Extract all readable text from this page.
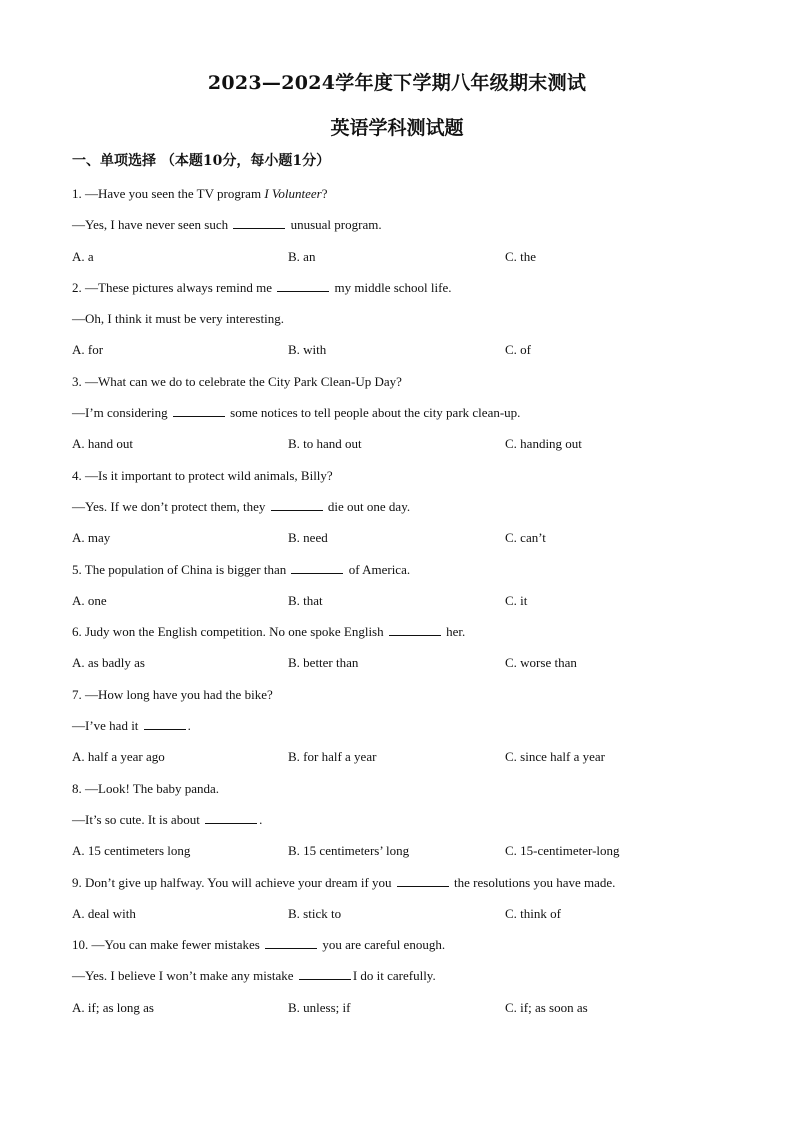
2023—2024学年度下学期八年级期末测试
英语学科测试题
一、单项选择 （本题10分，每小题1分）
1. —Have you seen the TV program I Volunteer?
—Yes, I have never seen such	unusual program.
A. a	B. an	C. the
2. —These pictures always remind me	my middle school life.
—Oh, I think it must be very interesting.
A. for	B. with	C. of
3. —What can we do to celebrate the City Park Clean-Up Day?
—I’m considering	some notices to tell people about the city park clean-up.
A. hand out	B. to hand out	C. handing out
4. —Is it important to protect wild animals, Billy?
—Yes. If we don’t protect them, they	die out one day.
A. may	B. need	C. can’t
5. The population of China is bigger than	of America.
A. one	B. that	C. it
6. Judy won the English competition. No one spoke English	her.
A. as badly as	B. better than	C. worse than
7. —How long have you had the bike?
—I’ve had it	.
A. half a year ago	B. for half a year	C. since half a year
8. —Look! The baby panda.
—It’s so cute. It is about	.
A. 15 centimeters long	B. 15 centimeters’ long	C. 15-centimeter-long
9. Don’t give up halfway. You will achieve your dream if you	the resolutions you have made.
A. deal with	B. stick to	C. think of
10. —You can make fewer mistakes	you are careful enough.
—Yes. I believe I won’t make any mistake	I do it carefully.
A. if; as long as	B. unless; if	C. if; as soon as
